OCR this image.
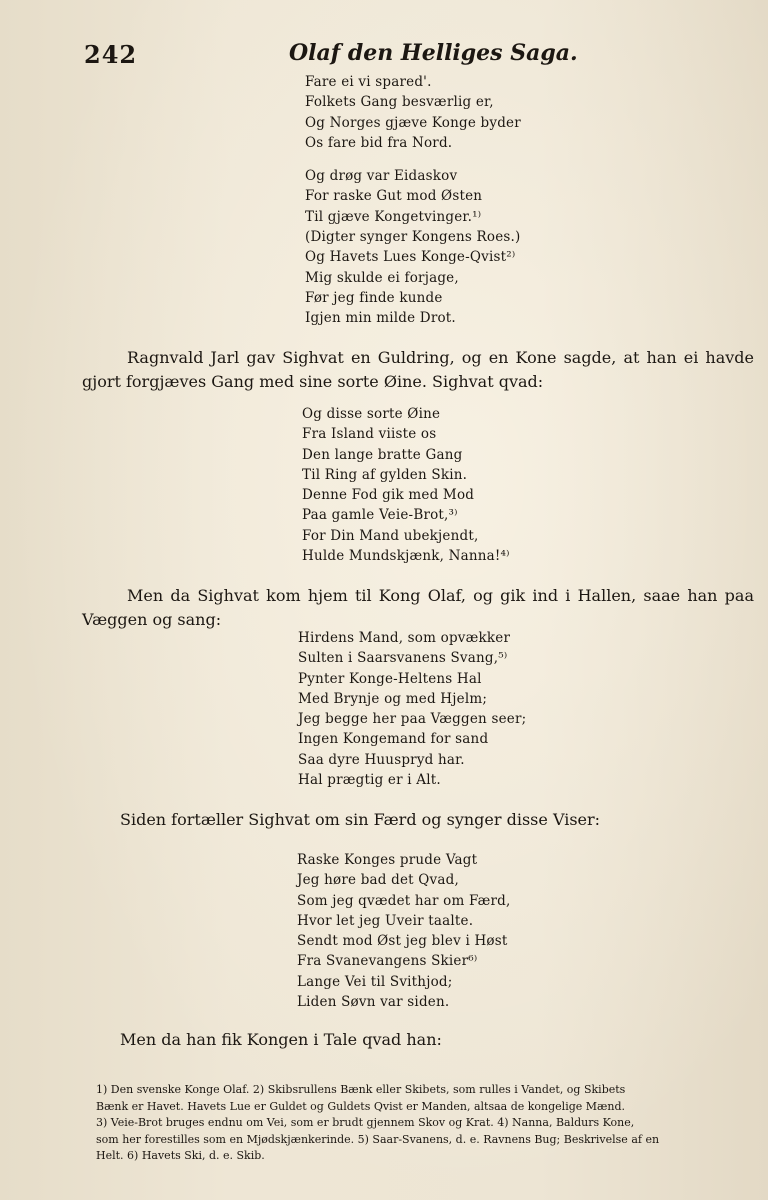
242	Olaf den Helliges Saga.
Fare ei vi spared'.
Folkets Gang besværlig er,
Og Norges gjæve Konge byder
Os fare bid fra Nord.
Og drøg var Eidaskov
For raske Gut mod Østen
Til gjæve Kongetvinger.¹⁾
(Digter synger Kongens Roes.)
Og Havets Lues Konge-Qvist²⁾
Mig skulde ei forjage,
Før jeg finde kunde
Igjen min milde Drot.
Ragnvald Jarl gav Sighvat en Guldring, og en Kone sagde, at han ei havde gjort forgjæves Gang med sine sorte Øine. Sighvat qvad:
Og disse sorte Øine
Fra Island viiste os
Den lange bratte Gang
Til Ring af gylden Skin.
Denne Fod gik med Mod
Paa gamle Veie-Brot,³⁾
For Din Mand ubekjendt,
Hulde Mundskjænk, Nanna!⁴⁾
Men da Sighvat kom hjem til Kong Olaf, og gik ind i Hallen, saae han paa Væggen og sang:
Hirdens Mand, som opvækker
Sulten i Saarsvanens Svang,⁵⁾
Pynter Konge-Heltens Hal
Med Brynje og med Hjelm;
Jeg begge her paa Væggen seer;
Ingen Kongemand for sand
Saa dyre Huuspryd har.
Hal prægtig er i Alt.
Siden fortæller Sighvat om sin Færd og synger disse Viser:
Raske Konges prude Vagt
Jeg høre bad det Qvad,
Som jeg qvædet har om Færd,
Hvor let jeg Uveir taalte.
Sendt mod Øst jeg blev i Høst
Fra Svanevangens Skier⁶⁾
Lange Vei til Svithjod;
Liden Søvn var siden.
Men da han fik Kongen i Tale qvad han:
1) Den svenske Konge Olaf. 2) Skibsrullens Bænk eller Skibets, som rulles i Vandet, og Skibets
Bænk er Havet. Havets Lue er Guldet og Guldets Qvist er Manden, altsaa de kongelige Mænd.
3) Veie-Brot bruges endnu om Vei, som er brudt gjennem Skov og Krat. 4) Nanna, Baldurs Kone,
som her forestilles som en Mjødskjænkerinde. 5) Saar-Svanens, d. e. Ravnens Bug; Beskrivelse af en
Helt. 6) Havets Ski, d. e. Skib.
